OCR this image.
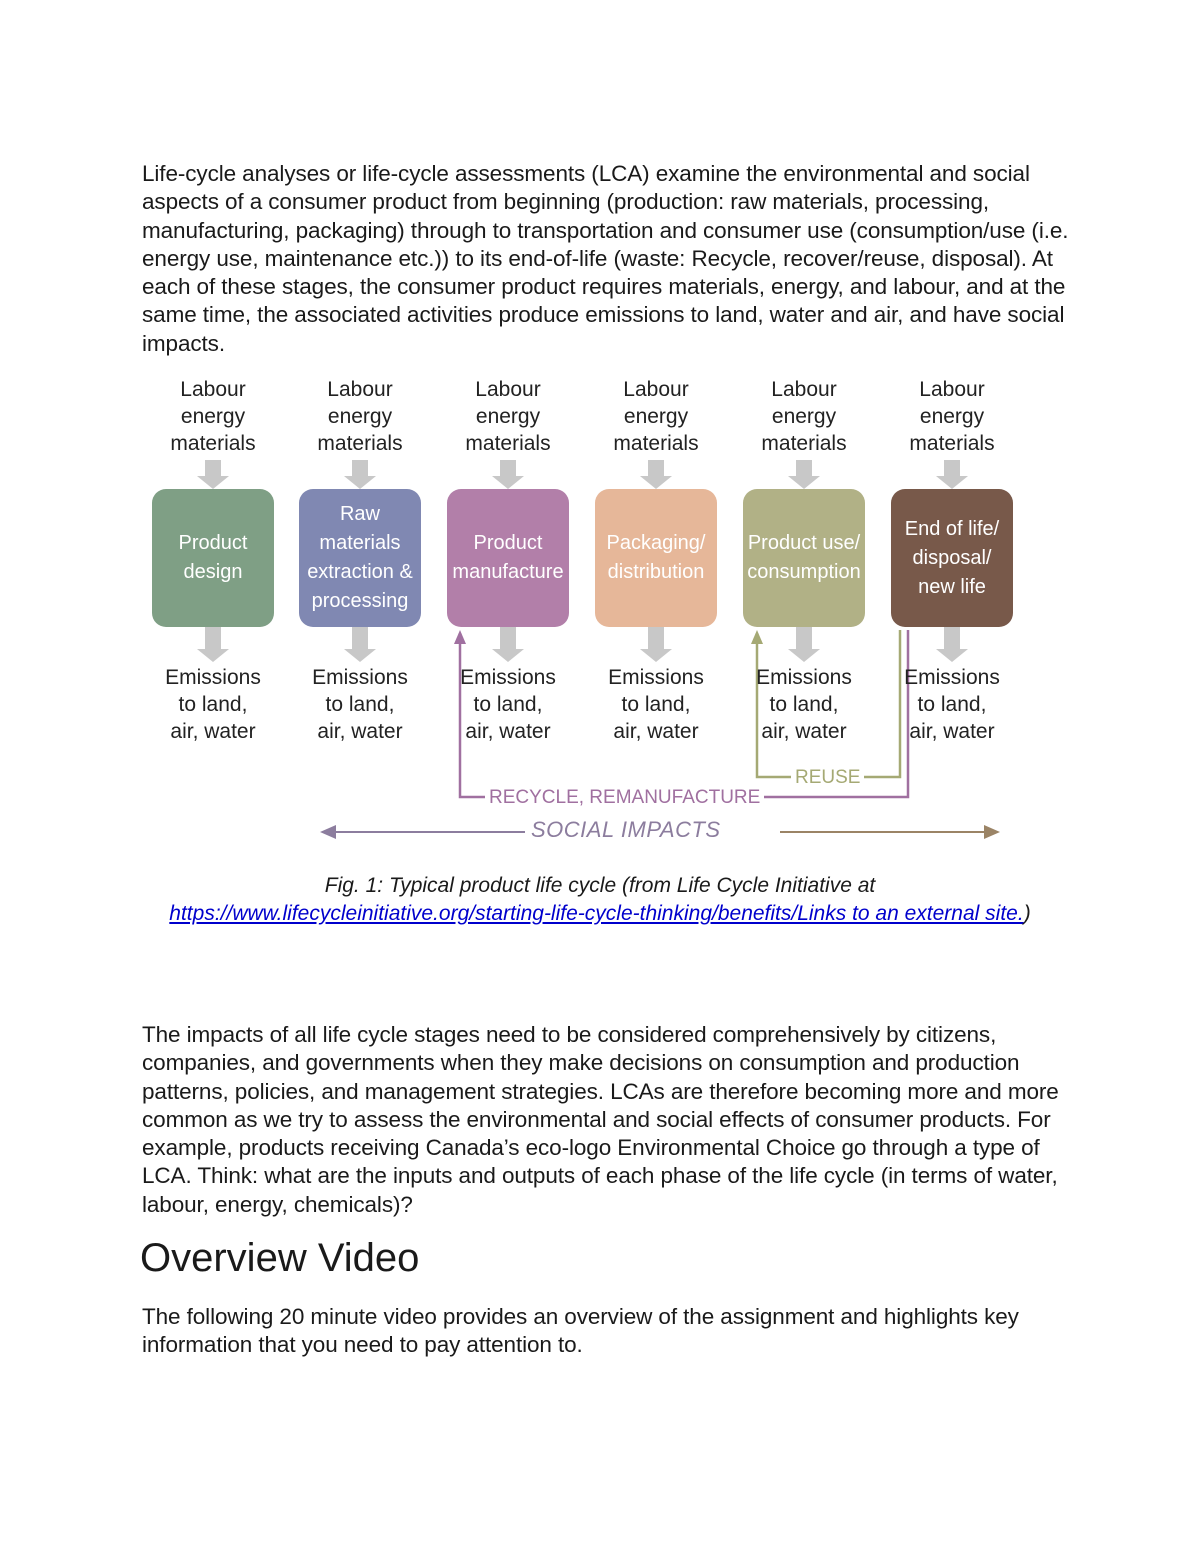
Life-cycle analyses or life-cycle assessments (LCA) examine the environmental and social aspects of a consumer product from beginning (production: raw materials, processing, manufacturing, packaging) through to transportation and consumer use (consumption/use (i.e. energy use, maintenance etc.)) to its end-of-life (waste: Recycle, recover/reuse, disposal). At each of these stages, the consumer product requires materials, energy, and labour, and at the same time, the associated activities produce emissions to land, water and air, and have social impacts.

Labour
energy
materials
Emissions
to land,
air, water
Product
design
Labour
energy
materials
Emissions
to land,
air, water
Raw
materials
extraction &
processing
Labour
energy
materials
Emissions
to land,
air, water
Product
manufacture
Labour
energy
materials
Emissions
to land,
air, water
Packaging/
distribution
Labour
energy
materials
Emissions
to land,
air, water
Product use/
consumption
Labour
energy
materials
Emissions
to land,
air, water
End of life/
disposal/
new life
REUSE
RECYCLE, REMANUFACTURE
SOCIAL IMPACTS

Fig. 1: Typical product life cycle (from Life Cycle Initiative at https://www.lifecycleinitiative.org/starting-life-cycle-thinking/benefits/Links to an external site.)

The impacts of all life cycle stages need to be considered comprehensively by citizens, companies, and governments when they make decisions on consumption and production patterns, policies, and management strategies. LCAs are therefore becoming more and more common as we try to assess the environmental and social effects of consumer products. For example, products receiving Canada’s eco-logo Environmental Choice go through a type of LCA. Think: what are the inputs and outputs of each phase of the life cycle (in terms of water, labour, energy, chemicals)?

Overview Video

The following 20 minute video provides an overview of the assignment and highlights key information that you need to pay attention to.
